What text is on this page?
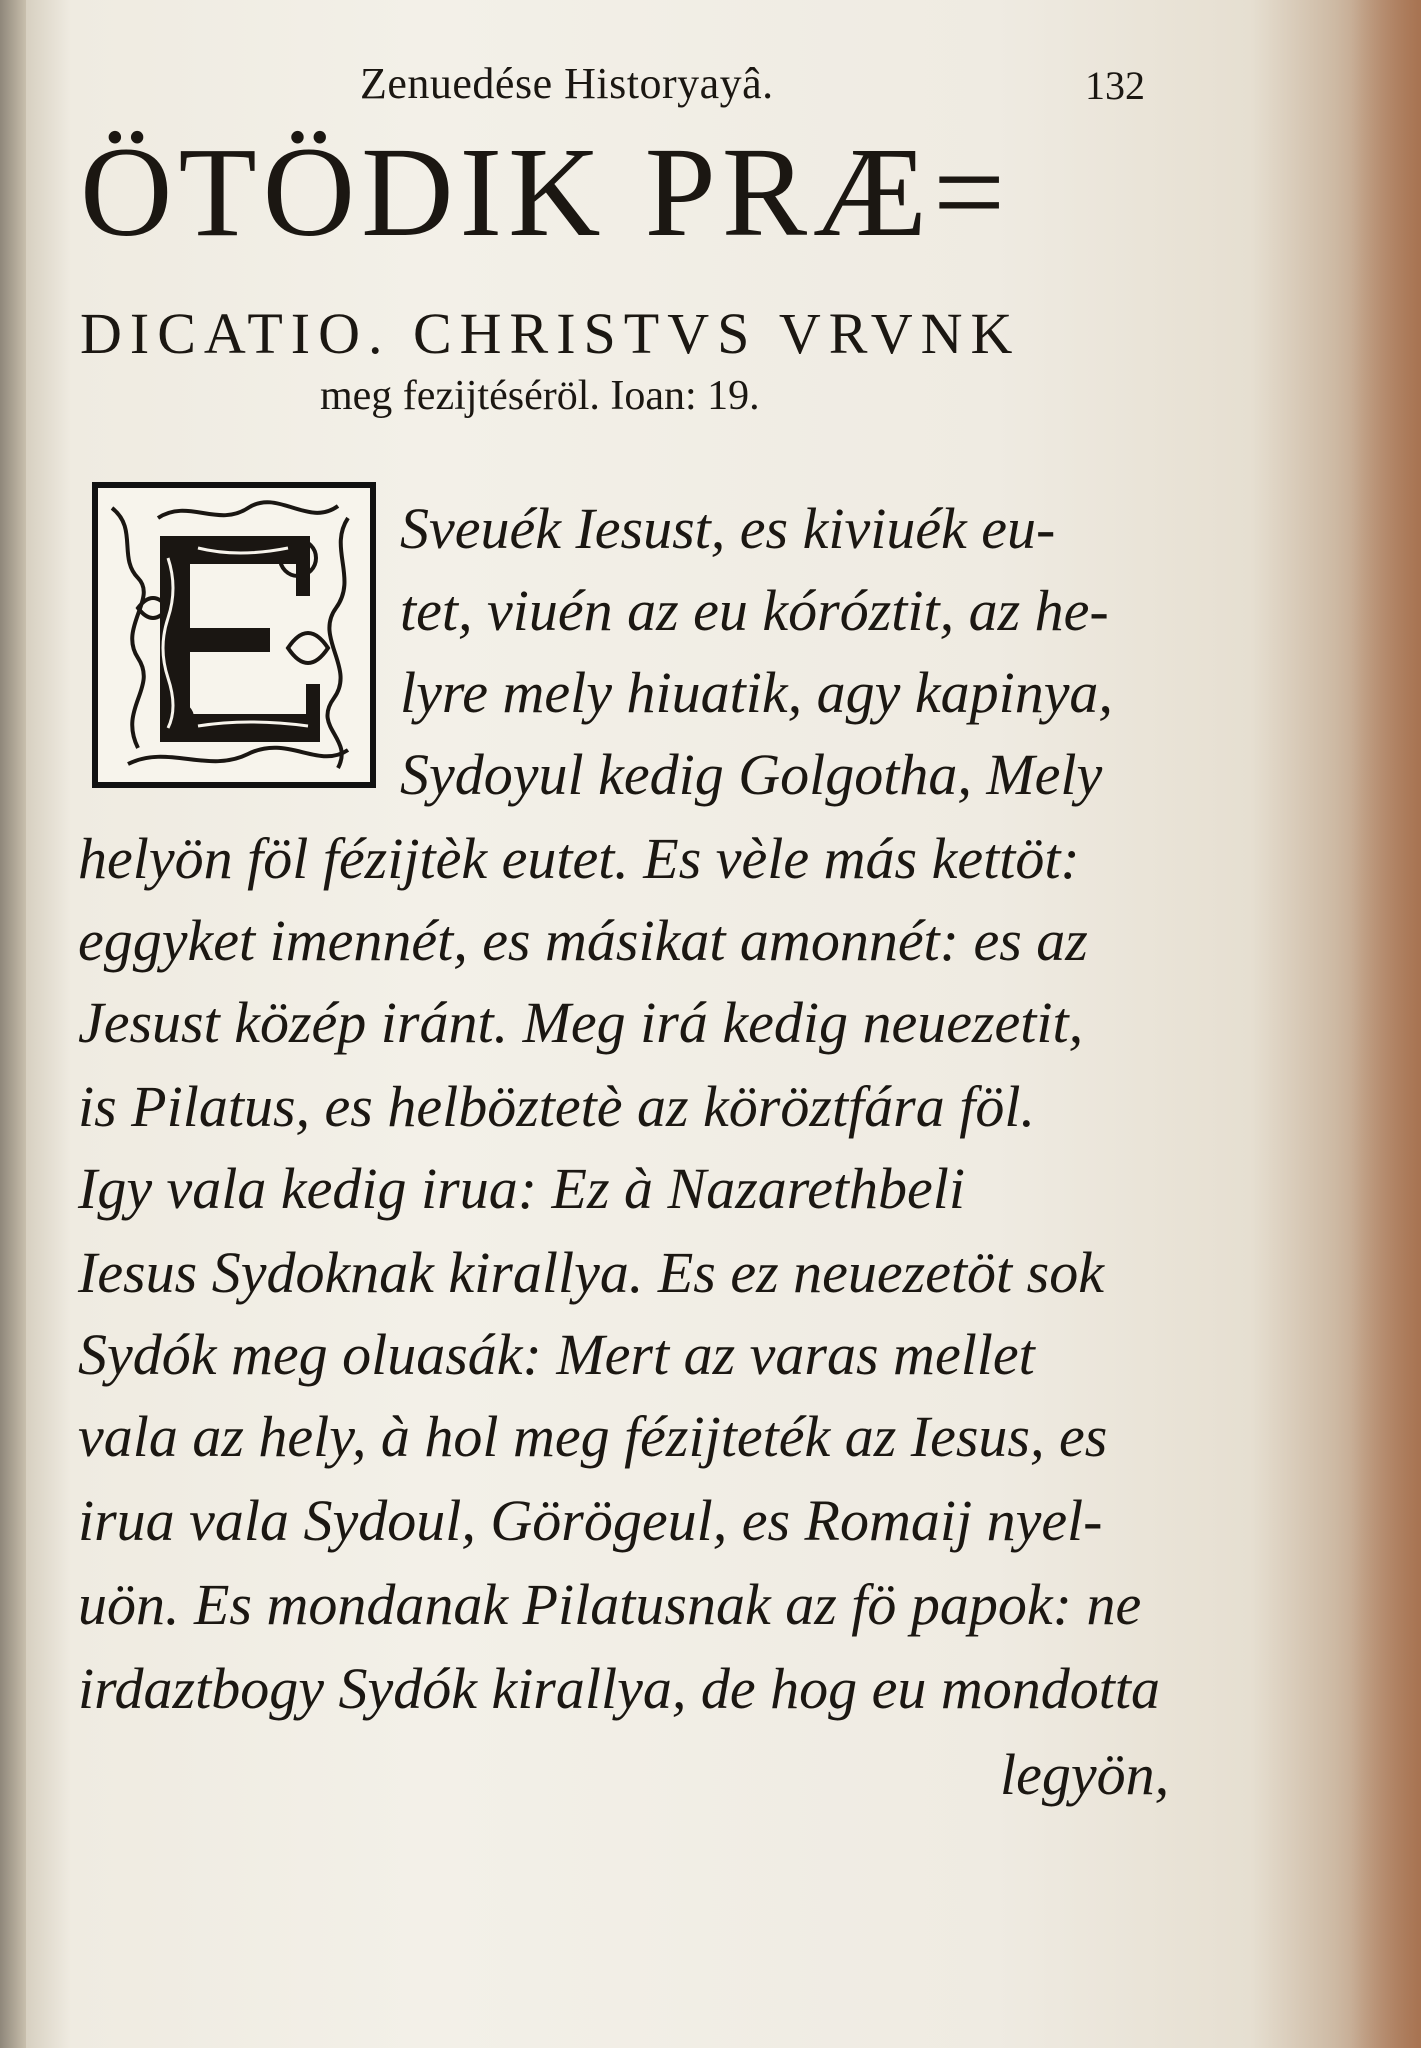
Zenuedése Historyayâ.	132
ÖTÖDIK PRÆ=
DICATIO. CHRISTVS VRVNK
meg fezijtéséröl. Ioan: 19.
Sveuék Iesust, es kiviuék eu-
tet, viuén az eu kóróztit, az he-
lyre mely hiuatik, agy kapinya,
Sydoyul kedig Golgotha, Mely
helyön föl fézijtèk eutet. Es vèle más kettöt:
eggyket imennét, es másikat amonnét: es az
Jesust közép iránt. Meg irá kedig neuezetit,
is Pilatus, es helböztetè az köröztfára föl.
Igy vala kedig irua: Ez à Nazarethbeli
Iesus Sydoknak kirallya. Es ez neuezetöt sok
Sydók meg oluasák: Mert az varas mellet
vala az hely, à hol meg fézijteték az Iesus, es
irua vala Sydoul, Görögeul, es Romaij nyel-
uön. Es mondanak Pilatusnak az fö papok: ne
irdaztbogy Sydók kirallya, de hog eu mondotta
legyön,
